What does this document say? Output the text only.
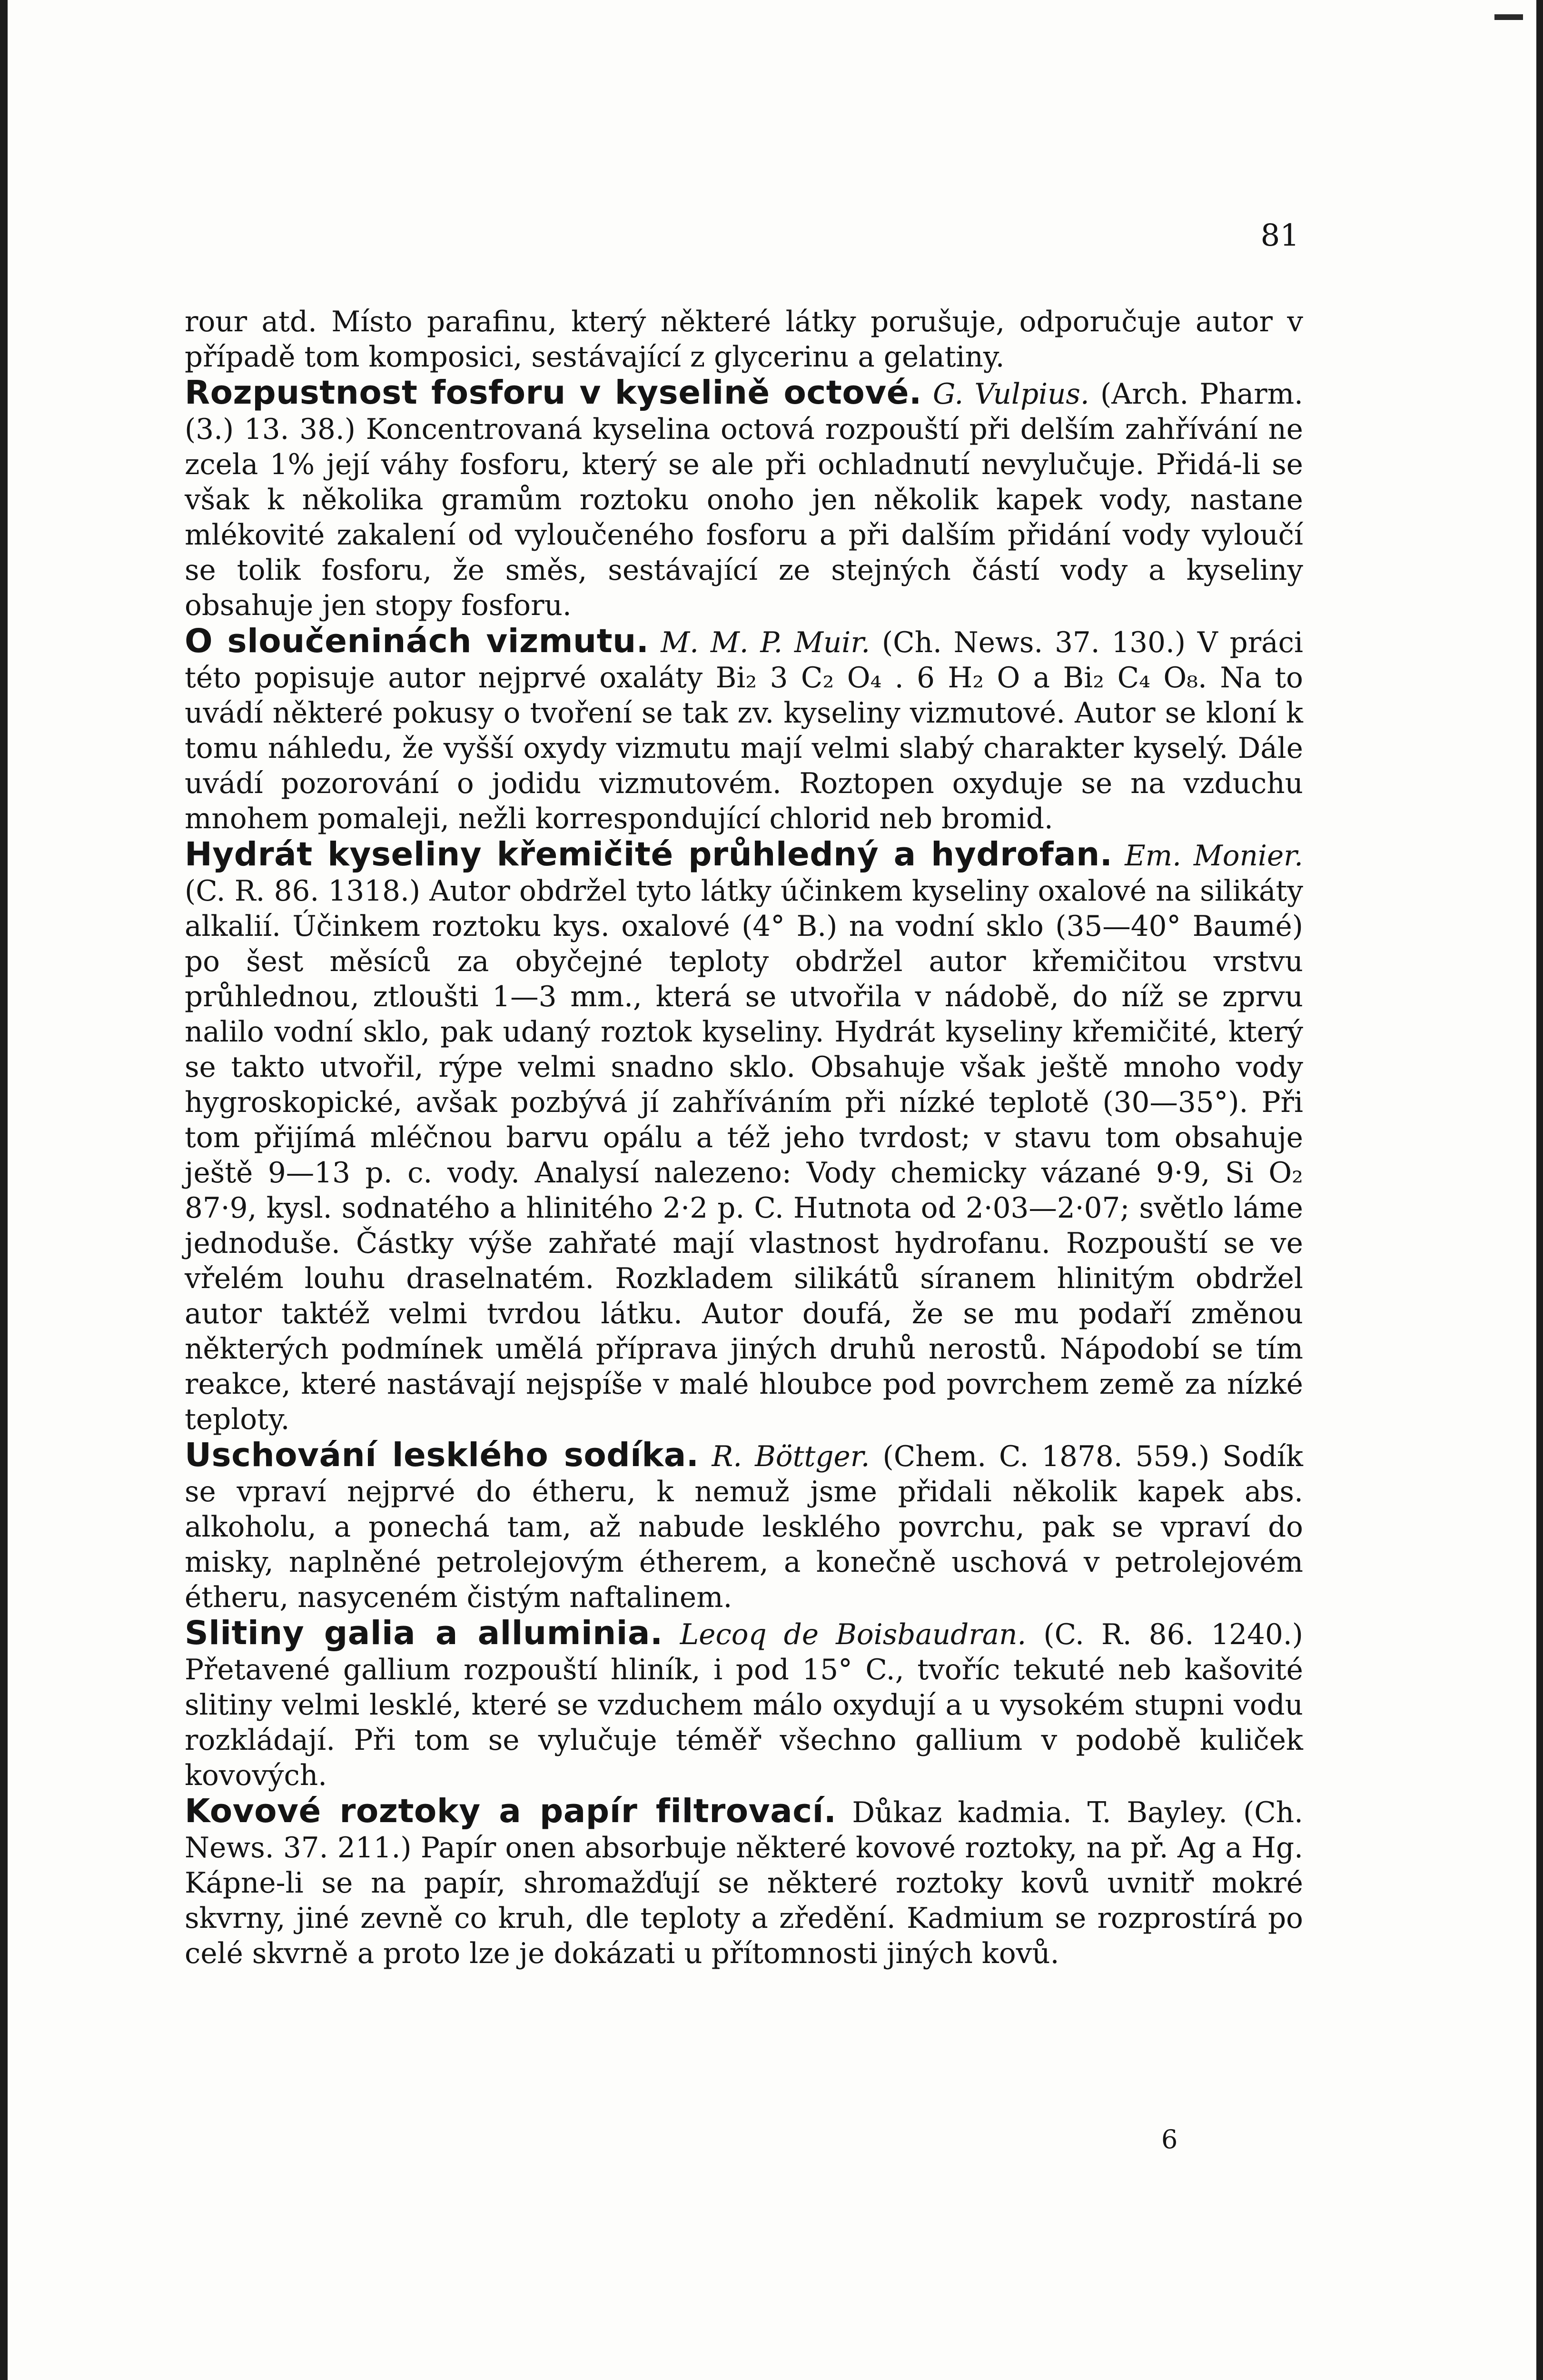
81

rour atd. Místo parafinu, který některé látky porušuje, odporučuje autor v případě tom komposici, sestávající z glycerinu a gelatiny.

Rozpustnost fosforu v kyselině octové. G. Vulpius. (Arch. Pharm. (3.) 13. 38.) Koncentrovaná kyselina octová rozpouští při delším zahřívání ne zcela 1% její váhy fosforu, který se ale při ochladnutí nevylučuje. Přidá-li se však k několika gramům roztoku onoho jen několik kapek vody, nastane mlékovité zakalení od vyloučeného fosforu a při dalším přidání vody vyloučí se tolik fosforu, že směs, sestávající ze stejných částí vody a kyseliny obsahuje jen stopy fosforu.

O sloučeninách vizmutu. M. M. P. Muir. (Ch. News. 37. 130.) V práci této popisuje autor nejprvé oxaláty Bi₂ 3 C₂ O₄ . 6 H₂ O a Bi₂ C₄ O₈. Na to uvádí některé pokusy o tvoření se tak zv. kyseliny vizmutové. Autor se kloní k tomu náhledu, že vyšší oxydy vizmutu mají velmi slabý charakter kyselý. Dále uvádí pozorování o jodidu vizmutovém. Roztopen oxyduje se na vzduchu mnohem pomaleji, nežli korrespondující chlorid neb bromid.

Hydrát kyseliny křemičité průhledný a hydrofan. Em. Monier. (C. R. 86. 1318.) Autor obdržel tyto látky účinkem kyseliny oxalové na silikáty alkalií. Účinkem roztoku kys. oxalové (4° B.) na vodní sklo (35—40° Baumé) po šest měsíců za obyčejné teploty obdržel autor křemičitou vrstvu průhlednou, ztloušti 1—3 mm., která se utvořila v nádobě, do níž se zprvu nalilo vodní sklo, pak udaný roztok kyseliny. Hydrát kyseliny křemičité, který se takto utvořil, rýpe velmi snadno sklo. Obsahuje však ještě mnoho vody hygroskopické, avšak pozbývá jí zahříváním při nízké teplotě (30—35°). Při tom přijímá mléčnou barvu opálu a též jeho tvrdost; v stavu tom obsahuje ještě 9—13 p. c. vody. Analysí nalezeno: Vody chemicky vázané 9·9, Si O₂ 87·9, kysl. sodnatého a hlinitého 2·2 p. C. Hutnota od 2·03—2·07; světlo láme jednoduše. Částky výše zahřaté mají vlastnost hydrofanu. Rozpouští se ve vřelém louhu draselnatém. Rozkladem silikátů síranem hlinitým obdržel autor taktéž velmi tvrdou látku. Autor doufá, že se mu podaří změnou některých podmínek umělá příprava jiných druhů nerostů. Nápodobí se tím reakce, které nastávají nejspíše v malé hloubce pod povrchem země za nízké teploty.

Uschování lesklého sodíka. R. Böttger. (Chem. C. 1878. 559.) Sodík se vpraví nejprvé do étheru, k nemuž jsme přidali několik kapek abs. alkoholu, a ponechá tam, až nabude lesklého povrchu, pak se vpraví do misky, naplněné petrolejovým étherem, a konečně uschová v petrolejovém étheru, nasyceném čistým naftalinem.

Slitiny galia a alluminia. Lecoq de Boisbaudran. (C. R. 86. 1240.) Přetavené gallium rozpouští hliník, i pod 15° C., tvoříc tekuté neb kašovité slitiny velmi lesklé, které se vzduchem málo oxydují a u vysokém stupni vodu rozkládají. Při tom se vylučuje téměř všechno gallium v podobě kuliček kovových.

Kovové roztoky a papír filtrovací. Důkaz kadmia. T. Bayley. (Ch. News. 37. 211.) Papír onen absorbuje některé kovové roztoky, na př. Ag a Hg. Kápne-li se na papír, shromažďují se některé roztoky kovů uvnitř mokré skvrny, jiné zevně co kruh, dle teploty a zředění. Kadmium se rozprostírá po celé skvrně a proto lze je dokázati u přítomnosti jiných kovů.

6
